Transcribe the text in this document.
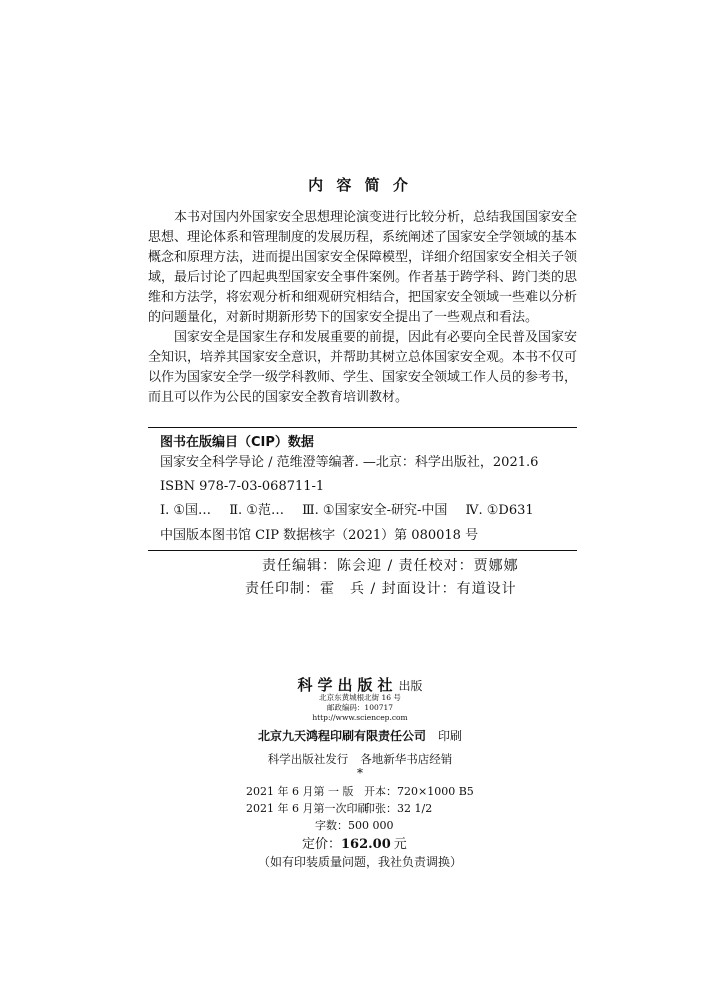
内 容 简 介
本书对国内外国家安全思想理论演变进行比较分析，总结我国国家安全
思想、理论体系和管理制度的发展历程，系统阐述了国家安全学领域的基本
概念和原理方法，进而提出国家安全保障模型，详细介绍国家安全相关子领
域，最后讨论了四起典型国家安全事件案例。作者基于跨学科、跨门类的思
维和方法学，将宏观分析和细观研究相结合，把国家安全领域一些难以分析
的问题量化，对新时期新形势下的国家安全提出了一些观点和看法。
国家安全是国家生存和发展重要的前提，因此有必要向全民普及国家安
全知识，培养其国家安全意识，并帮助其树立总体国家安全观。本书不仅可
以作为国家安全学一级学科教师、学生、国家安全领域工作人员的参考书，
而且可以作为公民的国家安全教育培训教材。
图书在版编目（CIP）数据
国家安全科学导论 / 范维澄等编著. —北京：科学出版社，2021.6
ISBN 978-7-03-068711-1
Ⅰ. ①国… Ⅱ. ①范… Ⅲ. ①国家安全-研究-中国 Ⅳ. ①D631
中国版本图书馆 CIP 数据核字（2021）第 080018 号
责任编辑：陈会迎 / 责任校对：贾娜娜
责任印制：霍　兵 / 封面设计：有道设计
科学出版社出版
北京东黄城根北街 16 号
邮政编码：100717
http://www.sciencep.com
北京九天鸿程印刷有限责任公司 印刷
科学出版社发行 各地新华书店经销
*
2021 年 6 月第 一 版 开本：720×1000 B5
2021 年 6 月第一次印刷印张：32 1/2
字数：500 000
定价：162.00 元
（如有印装质量问题，我社负责调换）
